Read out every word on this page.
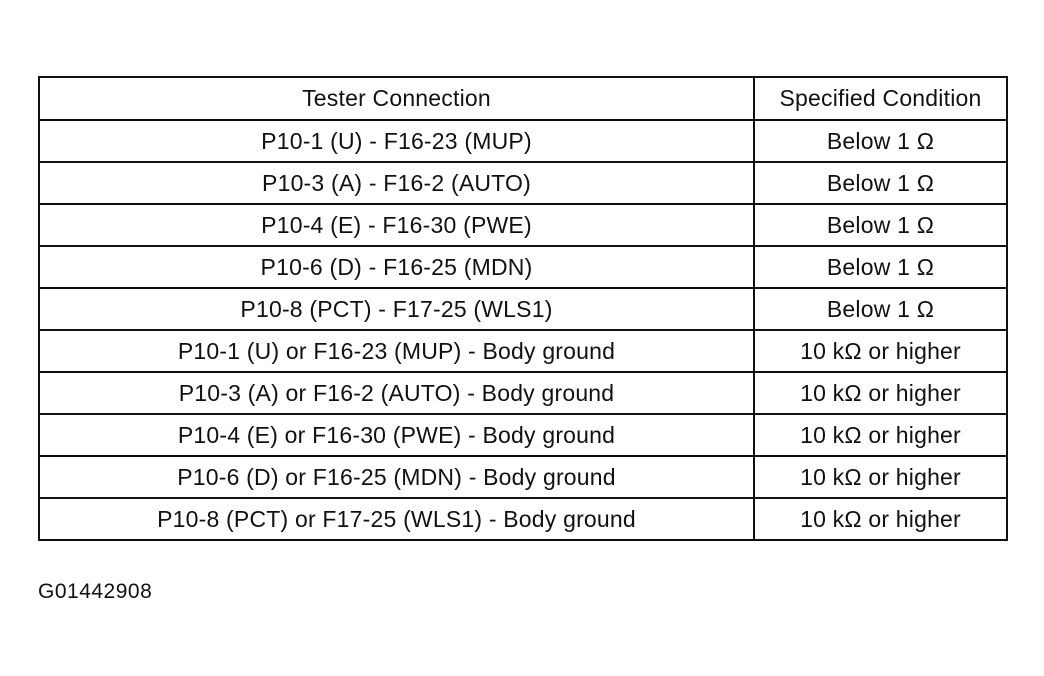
Tester Connection	Specified Condition
P10-1 (U) - F16-23 (MUP)	Below 1 Ω
P10-3 (A) - F16-2 (AUTO)	Below 1 Ω
P10-4 (E) - F16-30 (PWE)	Below 1 Ω
P10-6 (D) - F16-25 (MDN)	Below 1 Ω
P10-8 (PCT) - F17-25 (WLS1)	Below 1 Ω
P10-1 (U) or F16-23 (MUP) - Body ground	10 kΩ or higher
P10-3 (A) or F16-2 (AUTO) - Body ground	10 kΩ or higher
P10-4 (E) or F16-30 (PWE) - Body ground	10 kΩ or higher
P10-6 (D) or F16-25 (MDN) - Body ground	10 kΩ or higher
P10-8 (PCT) or F17-25 (WLS1) - Body ground	10 kΩ or higher
G01442908
